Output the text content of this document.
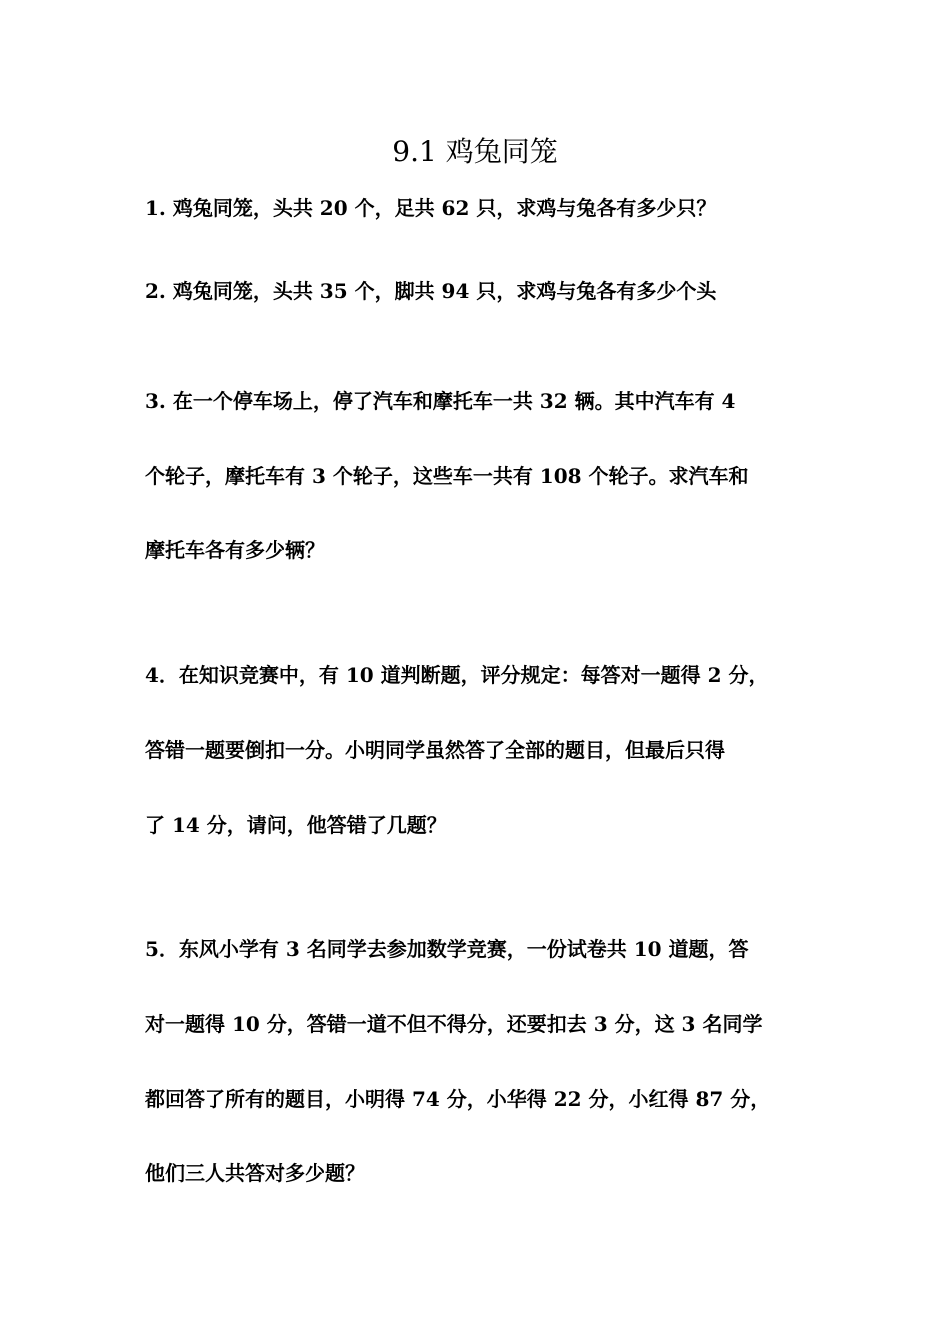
9.1 鸡兔同笼

1. 鸡兔同笼，头共 20 个，足共 62 只，求鸡与兔各有多少只？

2. 鸡兔同笼，头共 35 个，脚共 94 只，求鸡与兔各有多少个头

3. 在一个停车场上，停了汽车和摩托车一共 32 辆。其中汽车有 4

个轮子，摩托车有 3 个轮子，这些车一共有 108 个轮子。求汽车和

摩托车各有多少辆？

4．在知识竞赛中，有 10 道判断题，评分规定：每答对一题得 2 分，

答错一题要倒扣一分。小明同学虽然答了全部的题目，但最后只得

了 14 分，请问，他答错了几题？

5．东风小学有 3 名同学去参加数学竞赛，一份试卷共 10 道题，答

对一题得 10 分，答错一道不但不得分，还要扣去 3 分，这 3 名同学

都回答了所有的题目，小明得 74 分，小华得 22 分，小红得 87 分，

他们三人共答对多少题？
